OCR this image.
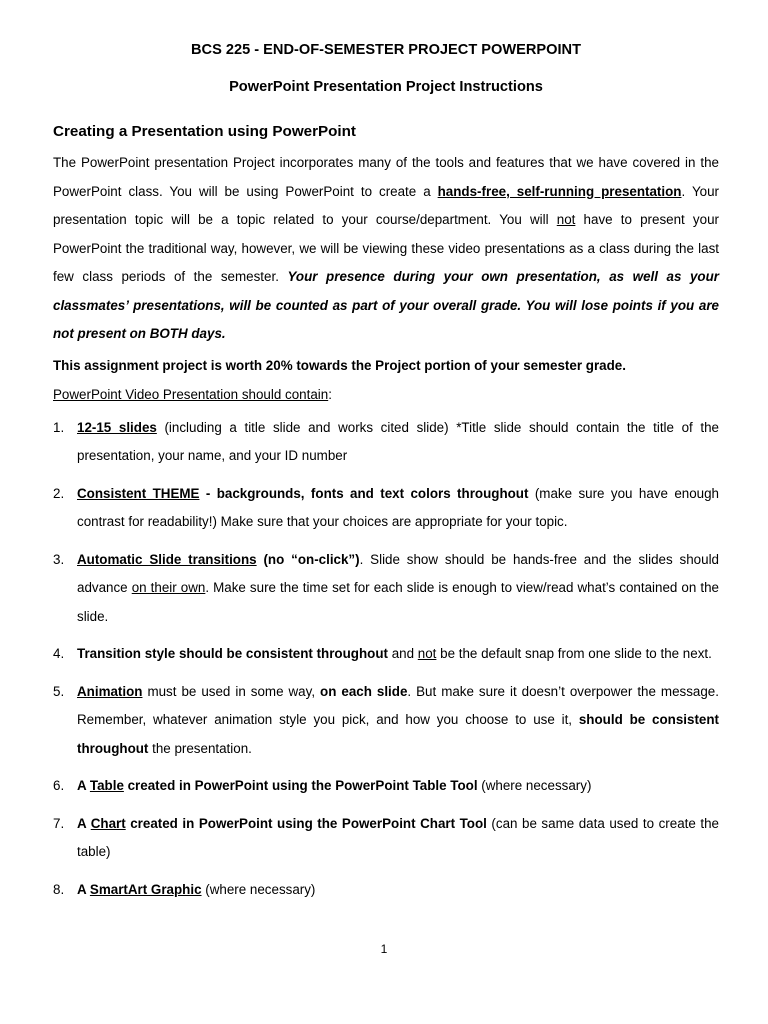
BCS 225 - END-OF-SEMESTER PROJECT POWERPOINT
PowerPoint Presentation Project Instructions
Creating a Presentation using PowerPoint

The PowerPoint presentation Project incorporates many of the tools and features that we have covered in the PowerPoint class. You will be using PowerPoint to create a hands-free, self-running presentation. Your presentation topic will be a topic related to your course/department. You will not have to present your PowerPoint the traditional way, however, we will be viewing these video presentations as a class during the last few class periods of the semester. Your presence during your own presentation, as well as your classmates’ presentations, will be counted as part of your overall grade. You will lose points if you are not present on BOTH days.

This assignment project is worth 20% towards the Project portion of your semester grade.

PowerPoint Video Presentation should contain:

1. 12-15 slides (including a title slide and works cited slide) *Title slide should contain the title of the presentation, your name, and your ID number
2. Consistent THEME - backgrounds, fonts and text colors throughout (make sure you have enough contrast for readability!) Make sure that your choices are appropriate for your topic.
3. Automatic Slide transitions (no “on-click”). Slide show should be hands-free and the slides should advance on their own. Make sure the time set for each slide is enough to view/read what’s contained on the slide.
4. Transition style should be consistent throughout and not be the default snap from one slide to the next.
5. Animation must be used in some way, on each slide. But make sure it doesn’t overpower the message. Remember, whatever animation style you pick, and how you choose to use it, should be consistent throughout the presentation.
6. A Table created in PowerPoint using the PowerPoint Table Tool (where necessary)
7. A Chart created in PowerPoint using the PowerPoint Chart Tool (can be same data used to create the table)
8. A SmartArt Graphic (where necessary)
1
